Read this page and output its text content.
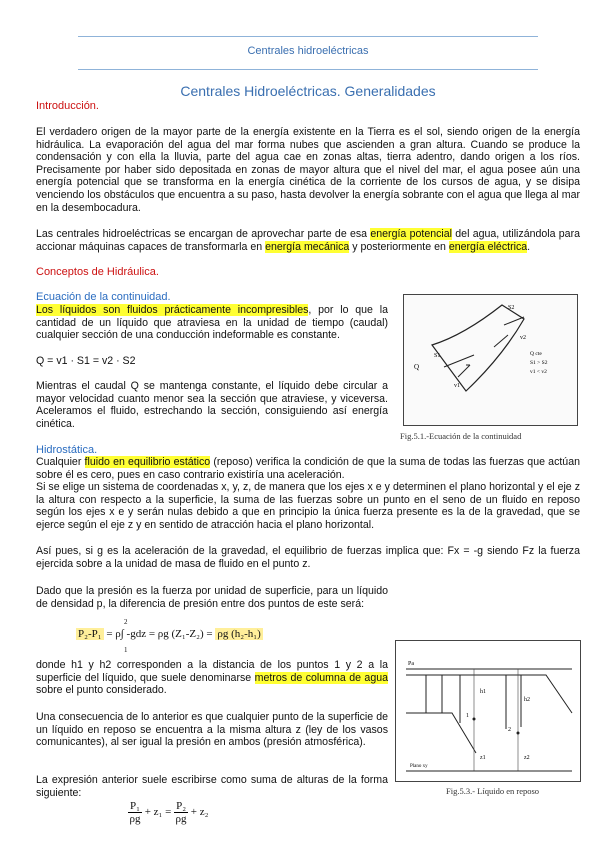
Centrales hidroeléctricas
Centrales Hidroeléctricas. Generalidades
Introducción.

El verdadero origen de la mayor parte de la energía existente en la Tierra es el sol, siendo origen de la energía hidráulica. La evaporación del agua del mar forma nubes que ascienden a gran altura. Cuando se produce la condensación y con ella la lluvia, parte del agua cae en zonas altas, tierra adentro, dando origen a los ríos. Precisamente por haber sido depositada en zonas de mayor altura que el nivel del mar, el agua posee aún una energía potencial que se transforma en la energía cinética de la corriente de los cursos de agua, y se disipa venciendo los obstáculos que encuentra a su paso, hasta devolver la energía sobrante con el agua que llega al mar en la desembocadura.

Las centrales hidroeléctricas se encargan de aprovechar parte de esa energía potencial del agua, utilizándola para accionar máquinas capaces de transformarla en energía mecánica y posteriormente en energía eléctrica.

Conceptos de Hidráulica.
Ecuación de la continuidad.

Los líquidos son fluidos prácticamente incompresibles, por lo que la cantidad de un líquido que atraviesa en la unidad de tiempo (caudal) cualquier sección de una conducción indeformable es constante.

Q = v1 · S1 = v2 · S2

Mientras el caudal Q se mantenga constante, el líquido debe circular a mayor velocidad cuanto menor sea la sección que atraviese, y viceversa. Aceleramos el fluido, estrechando la sección, consiguiendo así energía cinética.

Q
S1
v1
S2
v2
Q cte
S1 > S2
v1 < v2
Fig.5.1.-Ecuación de la continuidad
Hidrostática.

Cualquier fluido en equilibrio estático (reposo) verifica la condición de que la suma de todas las fuerzas que actúan sobre él es cero, pues en caso contrario existiría una aceleración.

Si se elige un sistema de coordenadas x, y, z, de manera que los ejes x e y determinen el plano horizontal y el eje z la altura con respecto a la superficie, la suma de las fuerzas sobre un punto en el seno de un fluido en reposo según los ejes x e y serán nulas debido a que en principio la única fuerza presente es la de la gravedad, que se ejerce según el eje z y en sentido de atracción hacia el plano horizontal.

Así pues, si g es la aceleración de la gravedad, el equilibrio de fuerzas implica que: Fx = -g siendo Fz la fuerza ejercida sobre a la unidad de masa de fluido en el punto z.

Dado que la presión es la fuerza por unidad de superficie, para un líquido de densidad p, la diferencia de presión entre dos puntos de este será:

P₂-P₁ = ρ∫ -gdz = ρg (Z₁-Z₂) = ρg (h₂-h₁)
2
1

donde h1 y h2 corresponden a la distancia de los puntos 1 y 2 a la superficie del líquido, que suele denominarse metros de columna de agua sobre el punto considerado.

Una consecuencia de lo anterior es que cualquier punto de la superficie de un líquido en reposo se encuentra a la misma altura z (ley de los vasos comunicantes), al ser igual la presión en ambos (presión atmosférica).

La expresión anterior suele escribirse como suma de alturas de la forma siguiente:

$\frac{\text{P₁}}{\rho g} + z_1 = \frac{\text{P₂}}{\rho g} + z_2$
Pa
h1
h2
1
2
z1	z2
Plano xy
Fig.5.3.- Líquido en reposo
